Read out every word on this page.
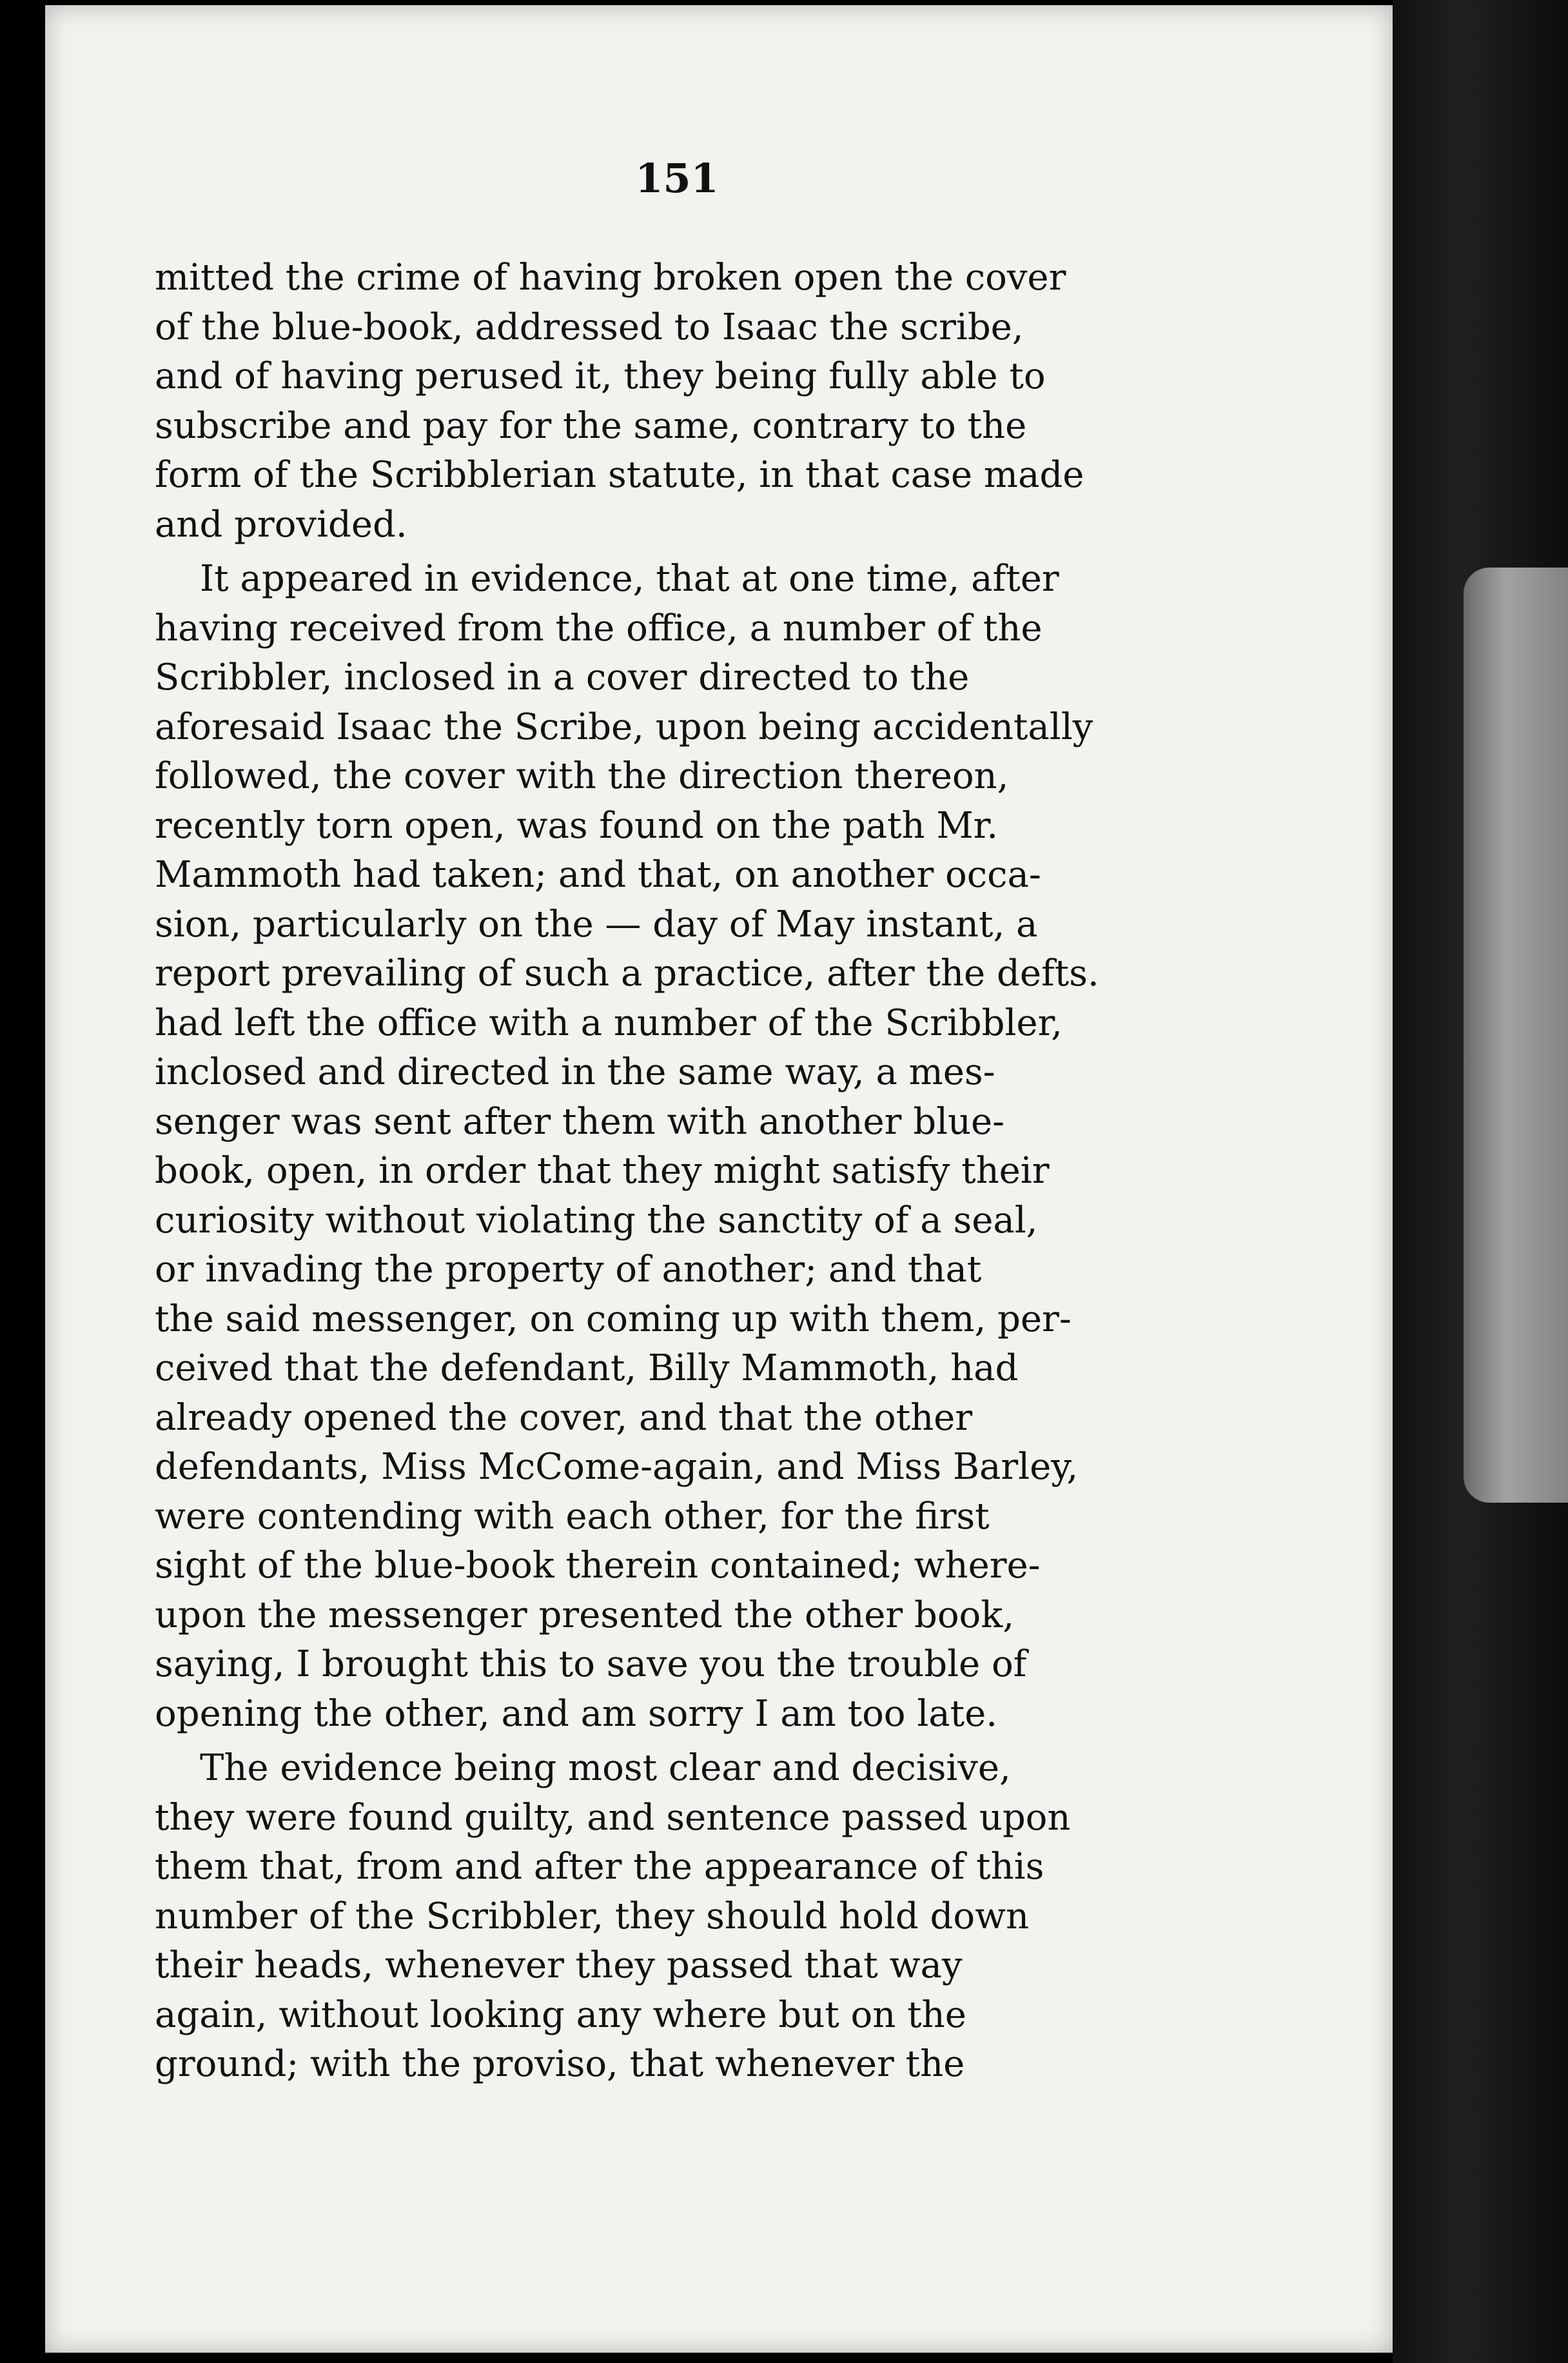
151
mitted the crime of having broken open the cover
of the blue-book, addressed to Isaac the scribe,
and of having perused it, they being fully able to
subscribe and pay for the same, contrary to the
form of the Scribblerian statute, in that case made
and provided.
It appeared in evidence, that at one time, after
having received from the office, a number of the
Scribbler, inclosed in a cover directed to the
aforesaid Isaac the Scribe, upon being accidentally
followed, the cover with the direction thereon,
recently torn open, was found on the path Mr.
Mammoth had taken; and that, on another occa-
sion, particularly on the — day of May instant, a
report prevailing of such a practice, after the defts.
had left the office with a number of the Scribbler,
inclosed and directed in the same way, a mes-
senger was sent after them with another blue-
book, open, in order that they might satisfy their
curiosity without violating the sanctity of a seal,
or invading the property of another; and that
the said messenger, on coming up with them, per-
ceived that the defendant, Billy Mammoth, had
already opened the cover, and that the other
defendants, Miss McCome-again, and Miss Barley,
were contending with each other, for the first
sight of the blue-book therein contained; where-
upon the messenger presented the other book,
saying, I brought this to save you the trouble of
opening the other, and am sorry I am too late.
The evidence being most clear and decisive,
they were found guilty, and sentence passed upon
them that, from and after the appearance of this
number of the Scribbler, they should hold down
their heads, whenever they passed that way
again, without looking any where but on the
ground; with the proviso, that whenever the
